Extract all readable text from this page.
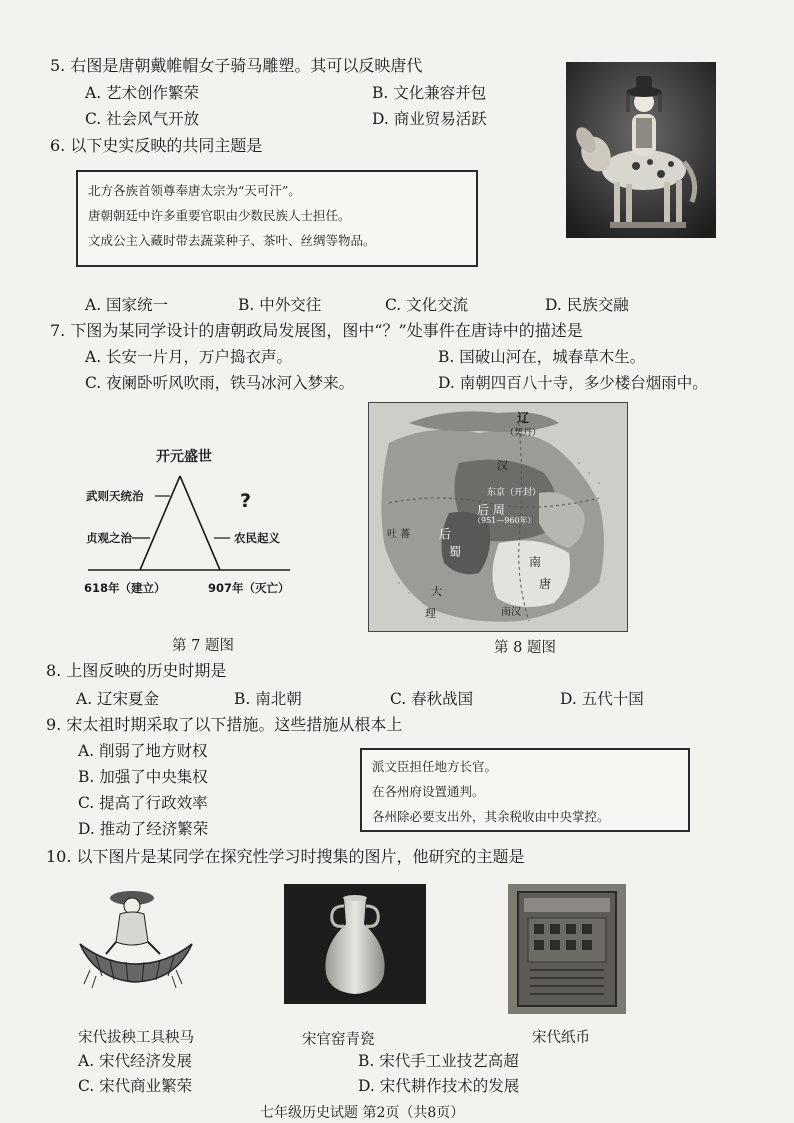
5. 右图是唐朝戴帷帽女子骑马雕塑。其可以反映唐代
A. 艺术创作繁荣	B. 文化兼容并包
C. 社会风气开放	D. 商业贸易活跃
6. 以下史实反映的共同主题是
北方各族首领尊奉唐太宗为“天可汗”。
唐朝朝廷中许多重要官职由少数民族人士担任。
文成公主入藏时带去蔬菜种子、茶叶、丝绸等物品。
A. 国家统一	B. 中外交往	C. 文化交流	D. 民族交融
7. 下图为某同学设计的唐朝政局发展图，图中“？”处事件在唐诗中的描述是
A. 长安一片月，万户捣衣声。	B. 国破山河在，城春草木生。
C. 夜阑卧听风吹雨，铁马冰河入梦来。	D. 南朝四百八十寺，多少楼台烟雨中。
开元盛世
武则天统治
贞观之治
?
农民起义
618年（建立）	907年（灭亡）
第 7 题图
辽
（契丹）
汉
东京（开封）
后 周
（951—960年）
后
蜀
南
唐
吐 蕃
南汉
大
理
第 8 题图
8. 上图反映的历史时期是
A. 辽宋夏金	B. 南北朝	C. 春秋战国	D. 五代十国
9. 宋太祖时期采取了以下措施。这些措施从根本上
A. 削弱了地方财权
B. 加强了中央集权
C. 提高了行政效率
D. 推动了经济繁荣
派文臣担任地方长官。
在各州府设置通判。
各州除必要支出外，其余税收由中央掌控。
10. 以下图片是某同学在探究性学习时搜集的图片，他研究的主题是
宋代拔秧工具秧马	宋官窑青瓷	宋代纸币
A. 宋代经济发展	B. 宋代手工业技艺高超
C. 宋代商业繁荣	D. 宋代耕作技术的发展
七年级历史试题 第2页（共8页）
